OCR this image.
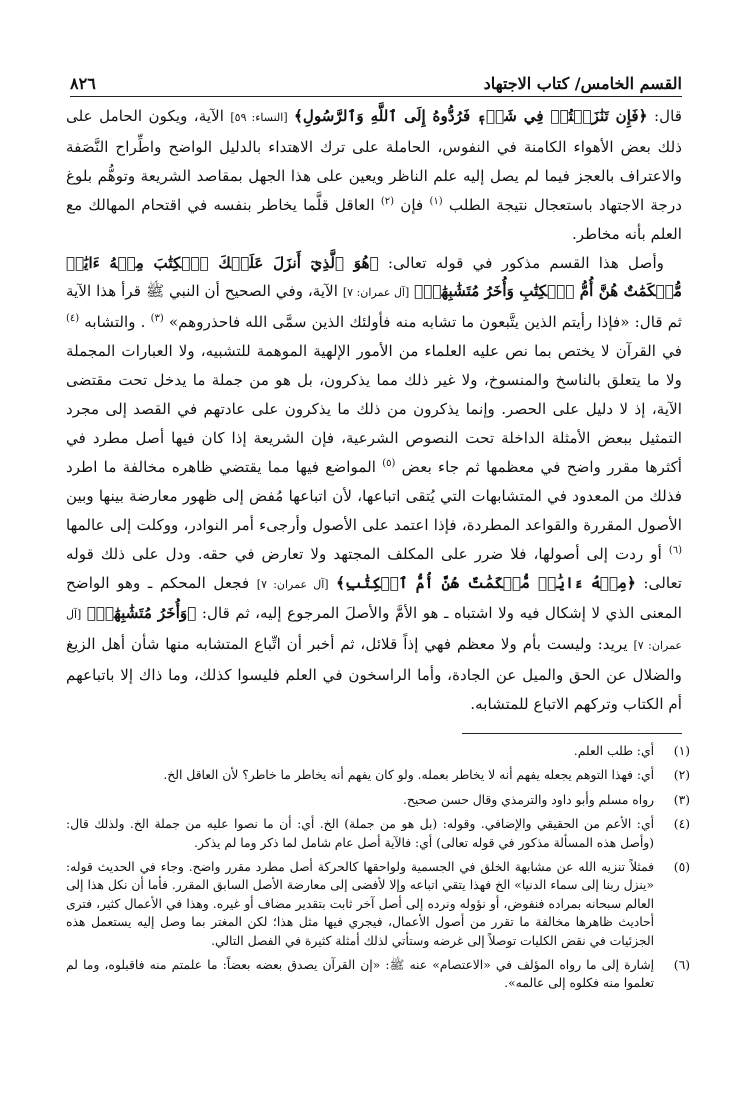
٨٢٦	القسم الخامس/ كتاب الاجتهاد

قال: ﴿فَإِن تَنَٰزَعۡتُمۡ فِي شَيۡءٖ فَرُدُّوهُ إِلَى ٱللَّهِ وَٱلرَّسُولِ﴾ [النساء: ٥٩] الآية، ويكون الحامل على ذلك بعض الأهواء الكامنة في النفوس، الحاملة على ترك الاهتداء بالدليل الواضح واطِّراح النَّصَفة والاعتراف بالعجز فيما لم يصل إليه علم الناظر ويعين على هذا الجهل بمقاصد الشريعة وتوهُّم بلوغ درجة الاجتهاد باستعجال نتيجة الطلب $^{(١)}$ فإن $^{(٢)}$ العاقل قلَّما يخاطر بنفسه في اقتحام المهالك مع العلم بأنه مخاطر.

وأصل هذا القسم مذكور في قوله تعالى: ﴿هُوَ ٱلَّذِيٓ أَنزَلَ عَلَيۡكَ ٱلۡكِتَٰبَ مِنۡهُ ءَايَٰتٞ مُّحۡكَمَٰتٌ هُنَّ أُمُّ ٱلۡكِتَٰبِ وَأُخَرُ مُتَشَٰبِهَٰتٞ﴾ [آل عمران: ٧] الآية، وفي الصحيح أن النبي ﷺ قرأ هذا الآية ثم قال: «فإذا رأيتم الذين يتَّبعون ما تشابه منه فأولئك الذين سمَّى الله فاحذروهم» $^{(٣)}$ . والتشابه $^{(٤)}$ في القرآن لا يختص بما نص عليه العلماء من الأمور الإلهية الموهمة للتشبيه، ولا العبارات المجملة ولا ما يتعلق بالناسخ والمنسوخ، ولا غير ذلك مما يذكرون، بل هو من جملة ما يدخل تحت مقتضى الآية، إذ لا دليل على الحصر. وإنما يذكرون من ذلك ما يذكرون على عادتهم في القصد إلى مجرد التمثيل ببعض الأمثلة الداخلة تحت النصوص الشرعية، فإن الشريعة إذا كان فيها أصل مطرد في أكثرها مقرر واضح في معظمها ثم جاء بعض $^{(٥)}$ المواضع فيها مما يقتضي ظاهره مخالفة ما اطرد فذلك من المعدود في المتشابهات التي يُتقى اتباعها، لأن اتباعها مُفض إلى ظهور معارضة بينها وبين الأصول المقررة والقواعد المطردة، فإذا اعتمد على الأصول وأرجىء أمر النوادر، ووكلت إلى عالمها $^{(٦)}$ أو ردت إلى أصولها، فلا ضرر على المكلف المجتهد ولا تعارض في حقه. ودل على ذلك قوله تعالى: ﴿مِنۡهُ ءَايَٰتٞ مُّحۡكَمَٰتٌ هُنَّ أُمُّ ٱلۡكِتَٰبِ﴾ [آل عمران: ٧] فجعل المحكم ـ وهو الواضح المعنى الذي لا إشكال فيه ولا اشتباه ـ هو الأمَّ والأصلَ المرجوع إليه، ثم قال: ﴿وَأُخَرُ مُتَشَٰبِهَٰتٞ﴾ [آل عمران: ٧] يريد: وليست بأم ولا معظم فهي إذاً قلائل، ثم أخبر أن اتِّباع المتشابه منها شأن أهل الزيغ والضلال عن الحق والميل عن الجادة، وأما الراسخون في العلم فليسوا كذلك، وما ذاك إلا باتباعهم أم الكتاب وتركهم الاتباع للمتشابه.

(١)
أي: طلب العلم.
(٢)
أي: فهذا التوهم يجعله يفهم أنه لا يخاطر بعمله. ولو كان يفهم أنه يخاطر ما خاطر؟ لأن العاقل الخ.
(٣)
رواه مسلم وأبو داود والترمذي وقال حسن صحيح.
(٤)
أي: الأعم من الحقيقي والإضافي. وقوله: (بل هو من جملة) الخ. أي: أن ما نصوا عليه من جملة الخ. ولذلك قال: (وأصل هذه المسألة مذكور في قوله تعالى) أي: فالآية أصل عام شامل لما ذكر وما لم يذكر.
(٥)
فمثلاً تنزيه الله عن مشابهة الخلق في الجسمية ولواحقها كالحركة أصل مطرد مقرر واضح. وجاء في الحديث قوله: «ينزل ربنا إلى سماء الدنيا» الخ فهذا يتقي اتباعه وإلا لأفضى إلى معارضة الأصل السابق المقرر. فأما أن نكل هذا إلى العالم سبحانه بمراده فنفوض، أو نؤوله ونرده إلى أصل آخر ثابت بتقدير مضاف أو غيره. وهذا في الأعمال كثير، فترى أحاديث ظاهرها مخالفة ما تقرر من أصول الأعمال، فيجري فيها مثل هذا؛ لكن المغتر بما وصل إليه يستعمل هذه الجزئيات في نقض الكليات توصلاً إلى غرضه وستأتي لذلك أمثلة كثيرة في الفصل التالي.
(٦)
إشارة إلى ما رواه المؤلف في «الاعتصام» عنه ﷺ: «إن القرآن يصدق بعضه بعضاً: ما علمتم منه فاقبلوه، وما لم تعلموا منه فكلوه إلى عالمه».
